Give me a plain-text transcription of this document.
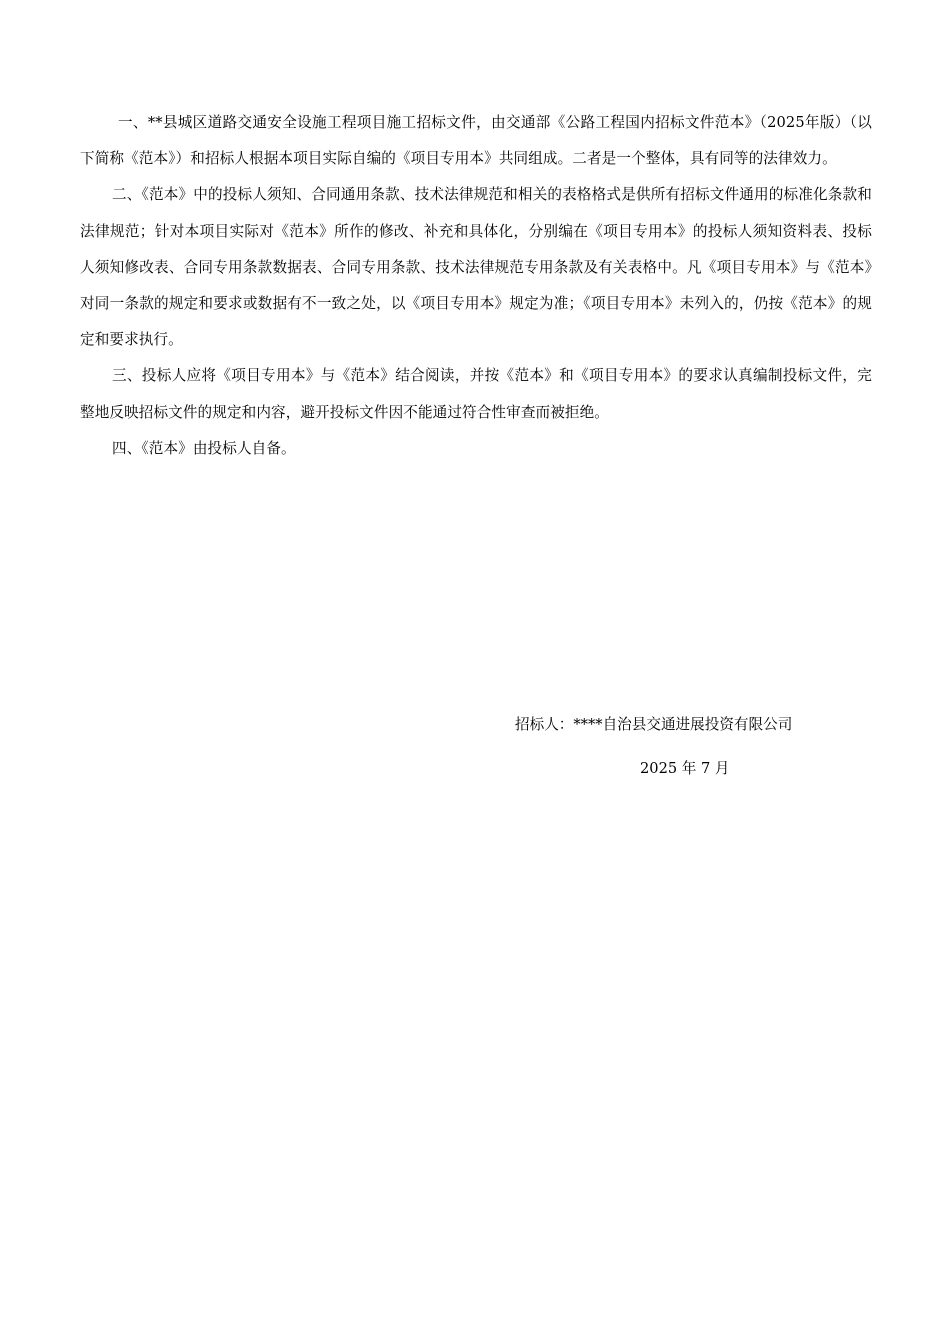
一、**县城区道路交通安全设施工程项目施工招标文件，由交通部《公路工程国内招标文件范本》（2025年版）（以下简称《范本》）和招标人根据本项目实际自编的《项目专用本》共同组成。二者是一个整体，具有同等的法律效力。

二、《范本》中的投标人须知、合同通用条款、技术法律规范和相关的表格格式是供所有招标文件通用的标准化条款和法律规范；针对本项目实际对《范本》所作的修改、补充和具体化，分别编在《项目专用本》的投标人须知资料表、投标人须知修改表、合同专用条款数据表、合同专用条款、技术法律规范专用条款及有关表格中。凡《项目专用本》与《范本》对同一条款的规定和要求或数据有不一致之处，以《项目专用本》规定为准；《项目专用本》未列入的，仍按《范本》的规定和要求执行。

三、投标人应将《项目专用本》与《范本》结合阅读，并按《范本》和《项目专用本》的要求认真编制投标文件，完整地反映招标文件的规定和内容，避开投标文件因不能通过符合性审查而被拒绝。

四、《范本》由投标人自备。

招标人：****自治县交通进展投资有限公司
2025 年 7 月
